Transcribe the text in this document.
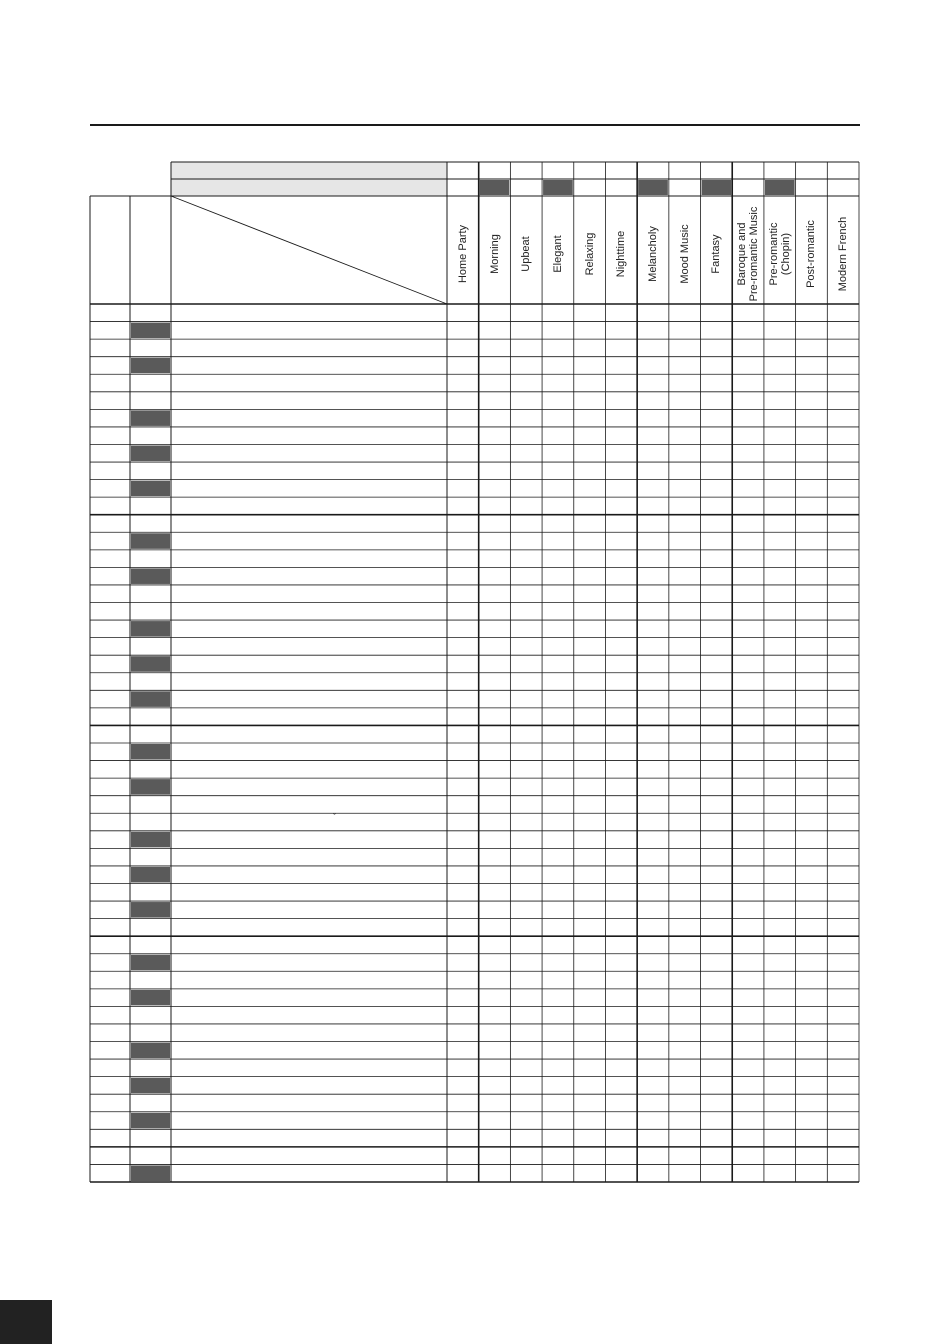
Home Party Morning Upbeat Elegant Relaxing Nighttime Melancholy Mood Music Fantasy Baroque and
Pre-romantic Music
Pre-romantic
(Chopin) Post-romantic Modern French
ˇ
